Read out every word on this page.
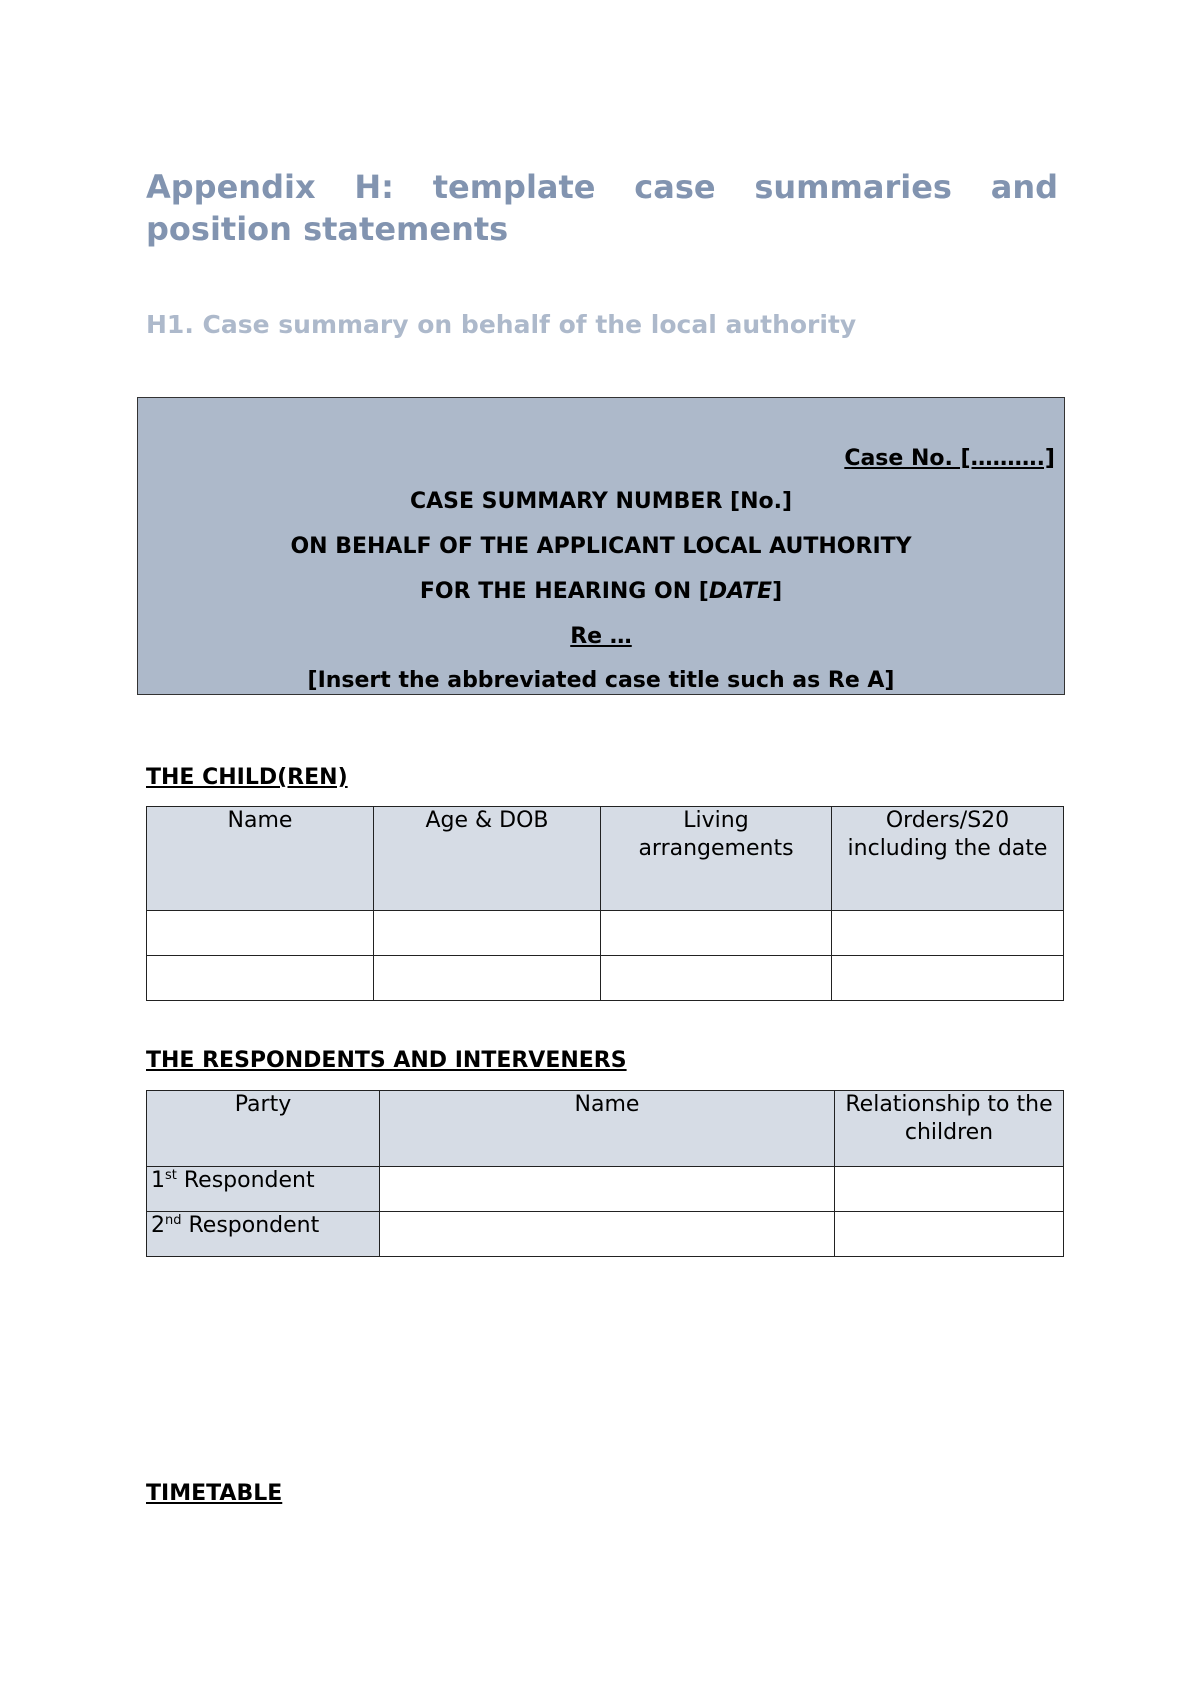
Appendix H: template case summaries and position statements
H1. Case summary on behalf of the local authority
Case No. [……….]
CASE SUMMARY NUMBER [No.]
ON BEHALF OF THE APPLICANT LOCAL AUTHORITY
FOR THE HEARING ON [DATE]
Re …
[Insert the abbreviated case title such as Re A]
THE CHILD(REN)
Name	Age & DOB	Living arrangements	Orders/S20 including the date

THE RESPONDENTS AND INTERVENERS
Party	Name	Relationship to the children
1st Respondent		
2nd Respondent		
TIMETABLE
